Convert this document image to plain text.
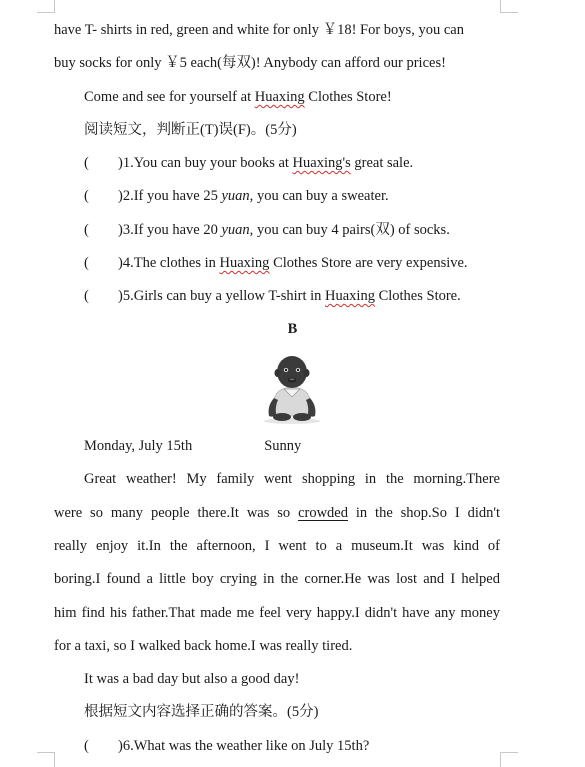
have T- shirts in red, green and white for only ￥18! For boys, you can
buy socks for only ￥5 each(每双)! Anybody can afford our prices!
Come and see for yourself at Huaxing Clothes Store!
阅读短文，判断正(T)误(F)。(5分)
( )1.You can buy your books at Huaxing's great sale.
( )2.If you have 25 yuan, you can buy a sweater.
( )3.If you have 20 yuan, you can buy 4 pairs(双) of socks.
( )4.The clothes in Huaxing Clothes Store are very expensive.
( )5.Girls can buy a yellow T-shirt in Huaxing Clothes Store.
B
Monday, July 15th	Sunny
Great weather! My family went shopping in the morning.There
were so many people there.It was so crowded in the shop.So I didn't
really enjoy it.In the afternoon, I went to a museum.It was kind of
boring.I found a little boy crying in the corner.He was lost and I helped
him find his father.That made me feel very happy.I didn't have any money
for a taxi, so I walked back home.I was really tired.
It was a bad day but also a good day!
根据短文内容选择正确的答案。(5分)
( )6.What was the weather like on July 15th?
